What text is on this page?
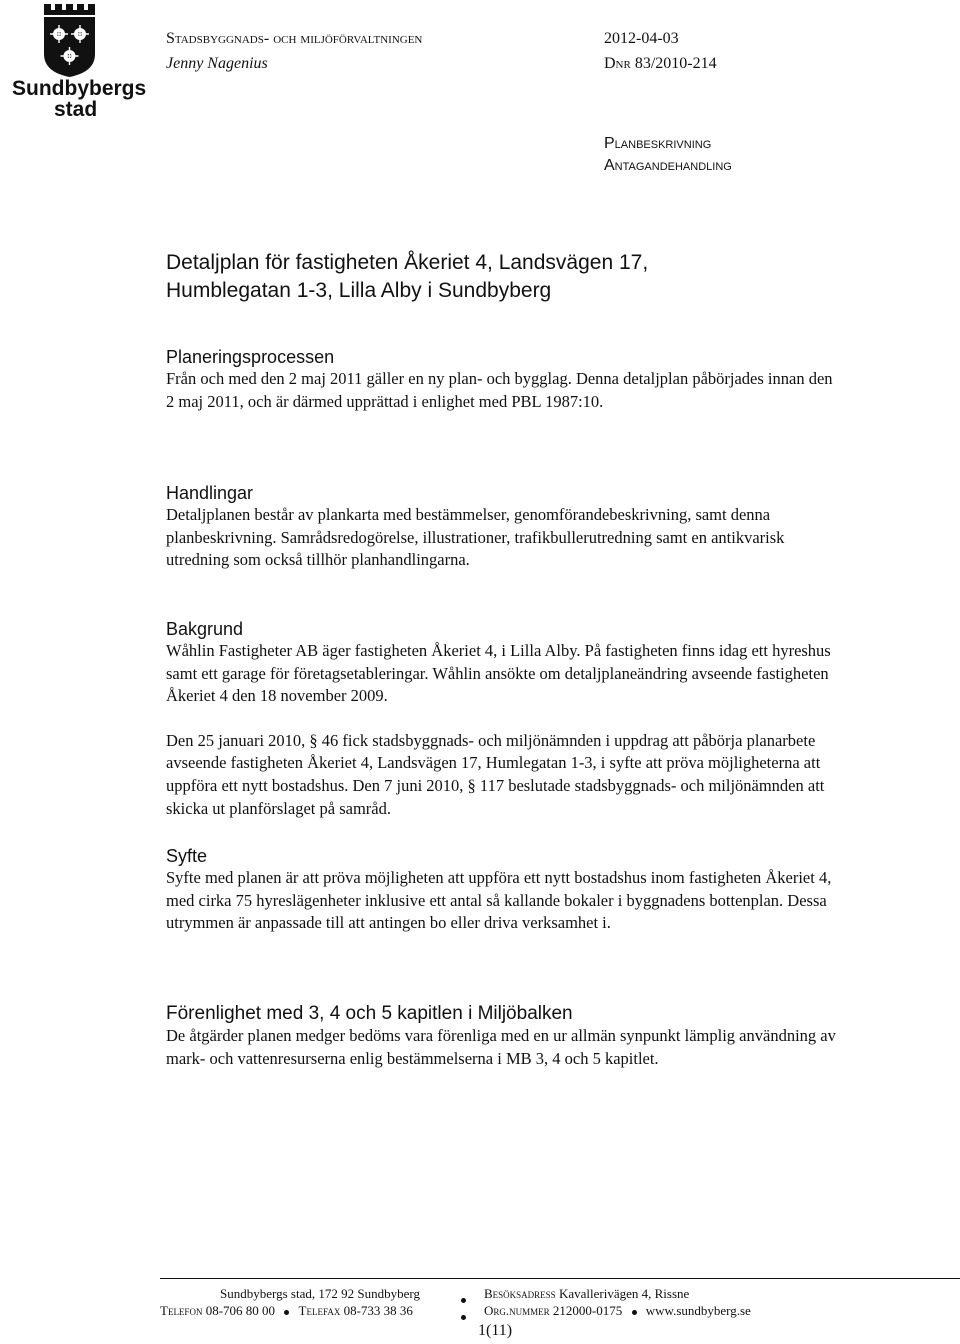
Sundbybergs
stad
Stadsbyggnads- och miljöförvaltningen
Jenny Nagenius
2012-04-03
Dnr 83/2010-214
Planbeskrivning
Antagandehandling
Detaljplan för fastigheten Åkeriet 4, Landsvägen 17,
Humblegatan 1-3, Lilla Alby i Sundbyberg
Planeringsprocessen

Från och med den 2 maj 2011 gäller en ny plan- och bygglag. Denna detaljplan påbörjades innan den 2 maj 2011, och är därmed upprättad i enlighet med PBL 1987:10.

Handlingar

Detaljplanen består av plankarta med bestämmelser, genomförandebeskrivning, samt denna planbeskrivning. Samrådsredogörelse, illustrationer, trafikbullerutredning samt en antikvarisk utredning som också tillhör planhandlingarna.

Bakgrund

Wåhlin Fastigheter AB äger fastigheten Åkeriet 4, i Lilla Alby. På fastigheten finns idag ett hyreshus samt ett garage för företagsetableringar. Wåhlin ansökte om detaljplaneändring avseende fastigheten Åkeriet 4 den 18 november 2009.

Den 25 januari 2010, § 46 fick stadsbyggnads- och miljönämnden i uppdrag att påbörja planarbete avseende fastigheten Åkeriet 4, Landsvägen 17, Humlegatan 1-3, i syfte att pröva möjligheterna att uppföra ett nytt bostadshus. Den 7 juni 2010, § 117 beslutade stadsbyggnads- och miljönämnden att skicka ut planförslaget på samråd.

Syfte

Syfte med planen är att pröva möjligheten att uppföra ett nytt bostadshus inom fastigheten Åkeriet 4, med cirka 75 hyreslägenheter inklusive ett antal så kallande bokaler i byggnadens bottenplan. Dessa utrymmen är anpassade till att antingen bo eller driva verksamhet i.

Förenlighet med 3, 4 och 5 kapitlen i Miljöbalken

De åtgärder planen medger bedöms vara förenliga med en ur allmän synpunkt lämplig användning av mark- och vattenresurserna enlig bestämmelserna i MB 3, 4 och 5 kapitlet.

Sundbybergs stad, 172 92 Sundbyberg	Besöksadress Kavallerivägen 4, Rissne
Telefon 08-706 80 00 Telefax 08-733 38 36	Org.nummer 212000-0175 www.sundbyberg.se
1(11)
